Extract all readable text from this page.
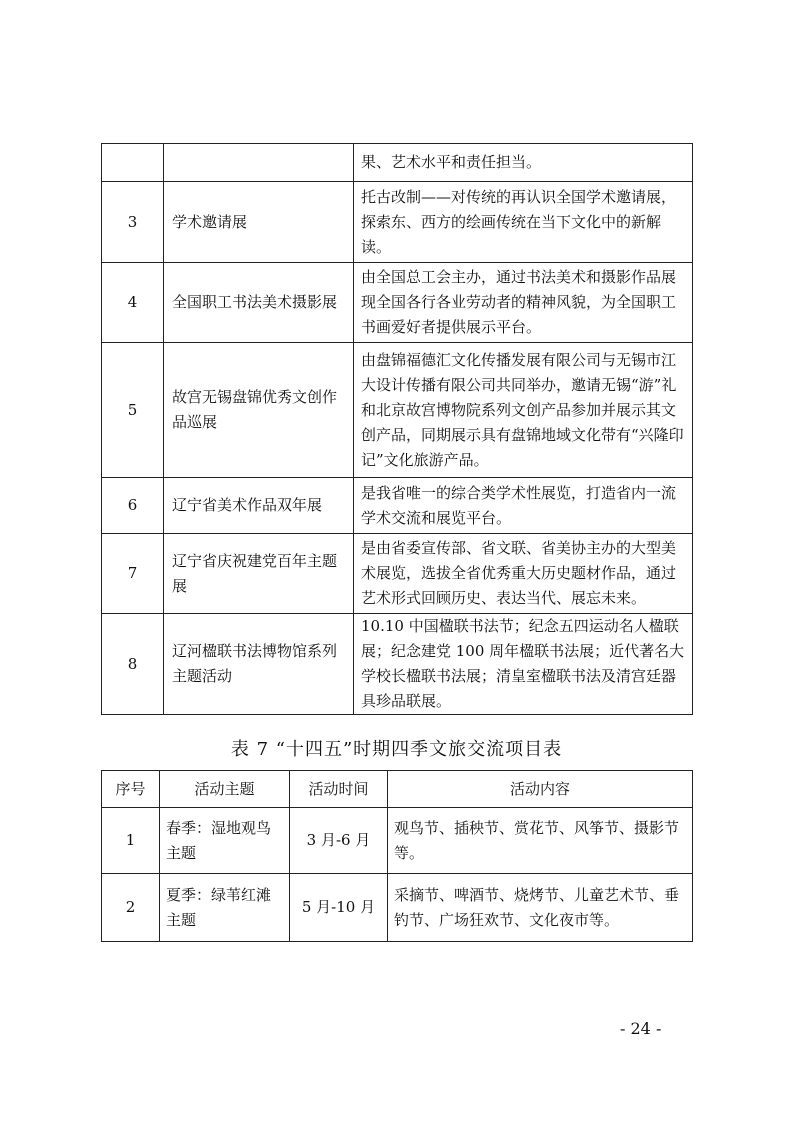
		果、艺术水平和责任担当。
3	学术邀请展	托古改制——对传统的再认识全国学术邀请展，探索东、西方的绘画传统在当下文化中的新解读。
4	全国职工书法美术摄影展	由全国总工会主办，通过书法美术和摄影作品展现全国各行各业劳动者的精神风貌，为全国职工书画爱好者提供展示平台。
5	故宫无锡盘锦优秀文创作品巡展	由盘锦福德汇文化传播发展有限公司与无锡市江大设计传播有限公司共同举办，邀请无锡“游”礼和北京故宫博物院系列文创产品参加并展示其文创产品，同期展示具有盘锦地域文化带有“兴隆印记”文化旅游产品。
6	辽宁省美术作品双年展	是我省唯一的综合类学术性展览，打造省内一流学术交流和展览平台。
7	辽宁省庆祝建党百年主题展	是由省委宣传部、省文联、省美协主办的大型美术展览，选拔全省优秀重大历史题材作品，通过艺术形式回顾历史、表达当代、展忘未来。
8	辽河楹联书法博物馆系列主题活动	10.10 中国楹联书法节；纪念五四运动名人楹联展；纪念建党 100 周年楹联书法展；近代著名大学校长楹联书法展；清皇室楹联书法及清宫廷器具珍品联展。
表 7 “十四五”时期四季文旅交流项目表
序号	活动主题	活动时间	活动内容
1	春季：湿地观鸟主题	3 月-6 月	观鸟节、插秧节、赏花节、风筝节、摄影节等。
2	夏季：绿苇红滩主题	5 月-10 月	采摘节、啤酒节、烧烤节、儿童艺术节、垂钓节、广场狂欢节、文化夜市等。
- 24 -
